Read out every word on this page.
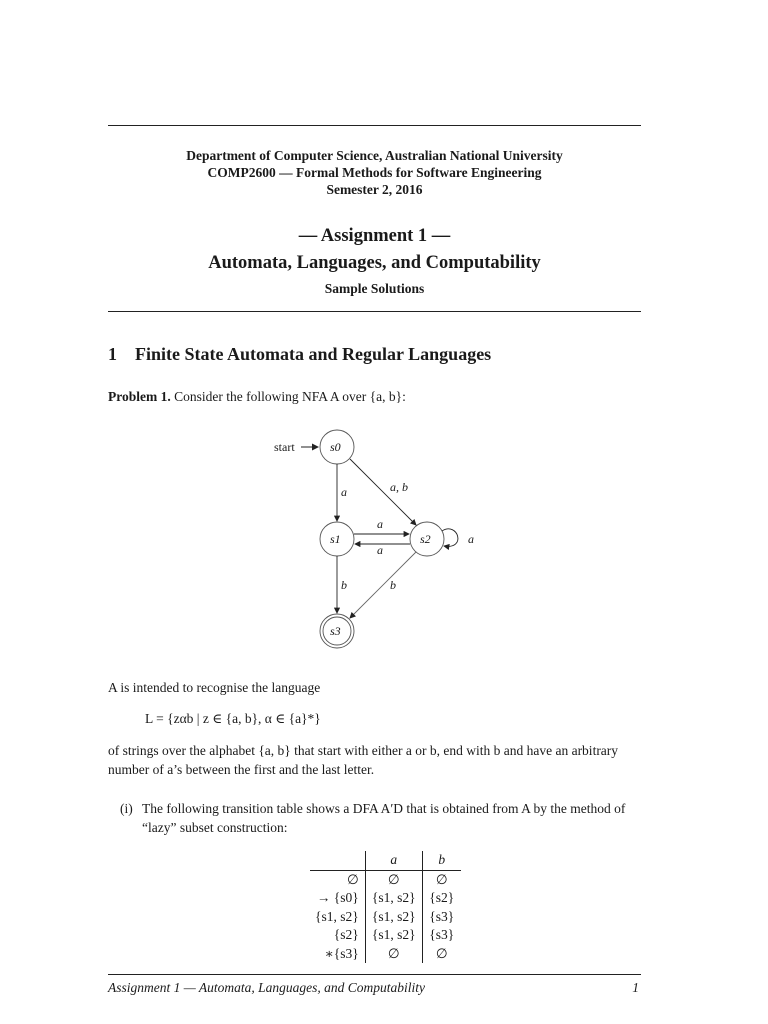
Department of Computer Science, Australian National University
COMP2600 — Formal Methods for Software Engineering
Semester 2, 2016
— Assignment 1 —
Automata, Languages, and Computability
Sample Solutions
1 Finite State Automata and Regular Languages
Problem 1. Consider the following NFA A over {a, b}:
start	s0
s1	s2
s3
a	a, b
a
a
a
b	b
A is intended to recognise the language
L = {zαb | z ∈ {a, b}, α ∈ {a}*}
of strings over the alphabet {a, b} that start with either a or b, end with b and have an arbitrary number of a’s between the first and the last letter.
(i) The following transition table shows a DFA A′D that is obtained from A by the method of “lazy” subset construction:
	a	b
∅	∅	∅
→ {s0}	{s1, s2}	{s2}
{s1, s2}	{s1, s2}	{s3}
{s2}	{s1, s2}	{s3}
∗{s3}	∅	∅
Assignment 1 — Automata, Languages, and Computability	1
